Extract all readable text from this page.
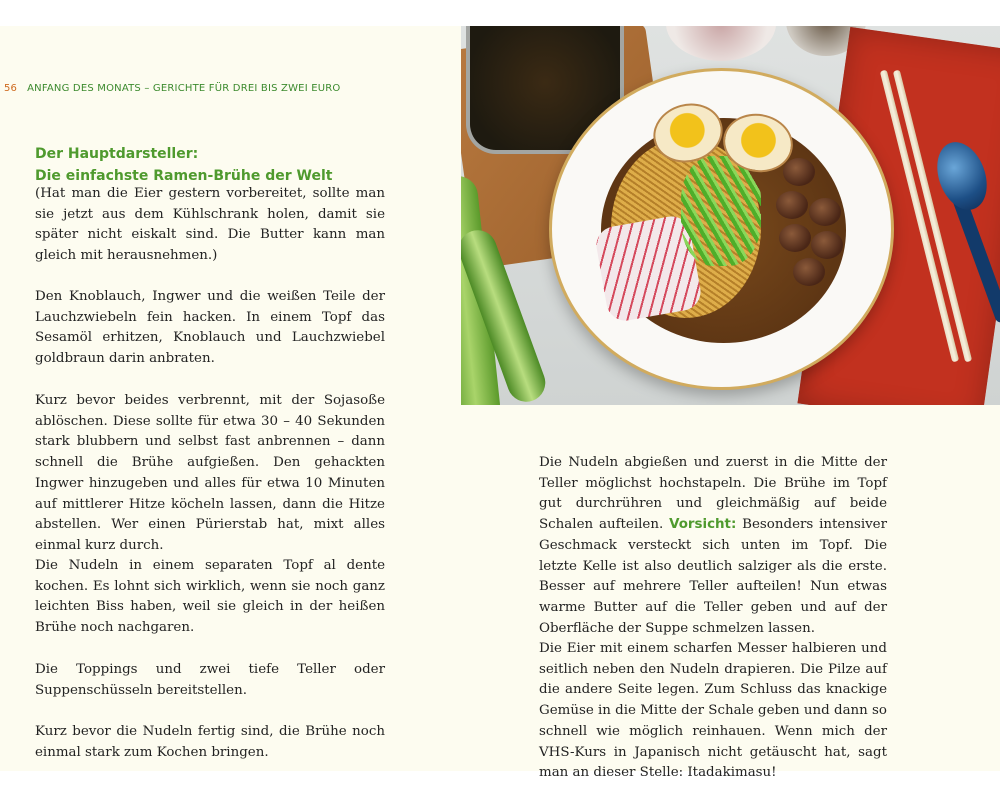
56 ANFANG DES MONATS – GERICHTE FÜR DREI BIS ZWEI EURO
Der Hauptdarsteller:
Die einfachste Ramen-Brühe der Welt

(Hat man die Eier gestern vorbereitet, sollte man sie jetzt aus dem Kühlschrank holen, damit sie später nicht eiskalt sind. Die Butter kann man gleich mit herausnehmen.)

Den Knoblauch, Ingwer und die weißen Teile der Lauchzwiebeln fein hacken. In einem Topf das Sesamöl erhitzen, Knoblauch und Lauchzwiebel goldbraun darin anbraten.

Kurz bevor beides verbrennt, mit der Sojasoße ablöschen. Diese sollte für etwa 30 – 40 Sekunden stark blubbern und selbst fast anbrennen – dann schnell die Brühe aufgießen. Den gehackten Ingwer hinzugeben und alles für etwa 10 Minuten auf mittlerer Hitze köcheln lassen, dann die Hitze abstellen. Wer einen Pürierstab hat, mixt alles einmal kurz durch.

Die Nudeln in einem separaten Topf al dente kochen. Es lohnt sich wirklich, wenn sie noch ganz leichten Biss haben, weil sie gleich in der heißen Brühe noch nachgaren.

Die Toppings und zwei tiefe Teller oder Suppenschüsseln bereitstellen.

Kurz bevor die Nudeln fertig sind, die Brühe noch einmal stark zum Kochen bringen.

Die Nudeln abgießen und zuerst in die Mitte der Teller möglichst hochstapeln. Die Brühe im Topf gut durchrühren und gleichmäßig auf beide Schalen aufteilen. Vorsicht: Besonders intensiver Geschmack versteckt sich unten im Topf. Die letzte Kelle ist also deutlich salziger als die erste. Besser auf mehrere Teller aufteilen! Nun etwas warme Butter auf die Teller geben und auf der Oberfläche der Suppe schmelzen lassen.

Die Eier mit einem scharfen Messer halbieren und seitlich neben den Nudeln drapieren. Die Pilze auf die andere Seite legen. Zum Schluss das knackige Gemüse in die Mitte der Schale geben und dann so schnell wie möglich reinhauen. Wenn mich der VHS-Kurs in Japanisch nicht getäuscht hat, sagt man an dieser Stelle: Itadakimasu!
